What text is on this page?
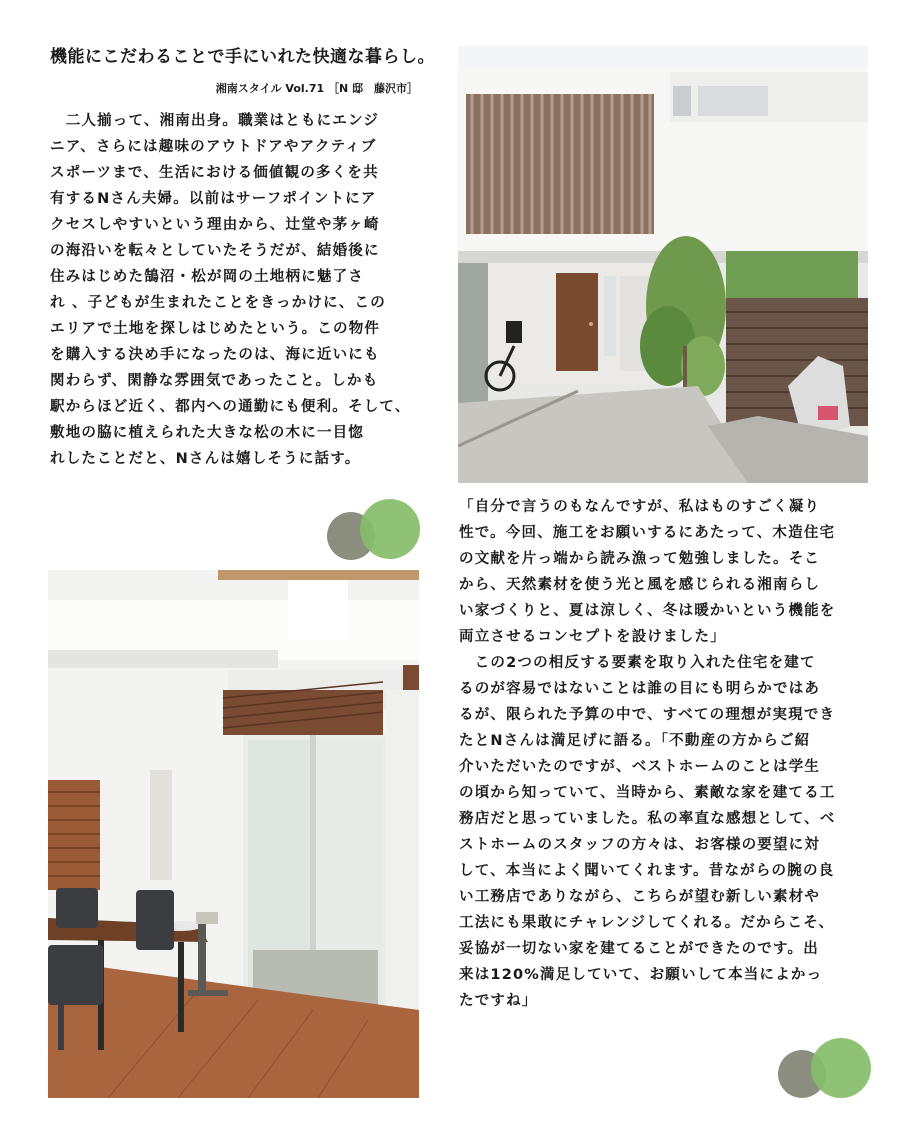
機能にこだわることで手にいれた快適な暮らし。
湘南スタイル Vol.71 ［N 邸　藤沢市］

　二人揃って、湘南出身。職業はともにエンジ

ニア、さらには趣味のアウトドアやアクティブ

スポーツまで、生活における価値観の多くを共

有するNさん夫婦。以前はサーフポイントにア

クセスしやすいという理由から、辻堂や茅ヶ崎

の海沿いを転々としていたそうだが、結婚後に

住みはじめた鵠沼・松が岡の土地柄に魅了さ

れ 、子どもが生まれたことをきっかけに、この

エリアで土地を探しはじめたという。この物件

を購入する決め手になったのは、海に近いにも

関わらず、閑静な雰囲気であったこと。しかも

駅からほど近く、都内への通勤にも便利。そして、

敷地の脇に植えられた大きな松の木に一目惚

れしたことだと、Nさんは嬉しそうに話す。

「自分で言うのもなんですが、私はものすごく凝り

性で。今回、施工をお願いするにあたって、木造住宅

の文献を片っ端から読み漁って勉強しました。そこ

から、天然素材を使う光と風を感じられる湘南らし

い家づくりと、夏は涼しく、冬は暖かいという機能を

両立させるコンセプトを設けました」

　この2つの相反する要素を取り入れた住宅を建て

るのが容易ではないことは誰の目にも明らかではあ

るが、限られた予算の中で、すべての理想が実現でき

たとNさんは満足げに語る。「不動産の方からご紹

介いただいたのですが、ベストホームのことは学生

の頃から知っていて、当時から、素敵な家を建てる工

務店だと思っていました。私の率直な感想として、ベ

ストホームのスタッフの方々は、お客様の要望に対

して、本当によく聞いてくれます。昔ながらの腕の良

い工務店でありながら、こちらが望む新しい素材や

工法にも果敢にチャレンジしてくれる。だからこそ、

妥協が一切ない家を建てることができたのです。出

来は120%満足していて、お願いして本当によかっ

たですね」
